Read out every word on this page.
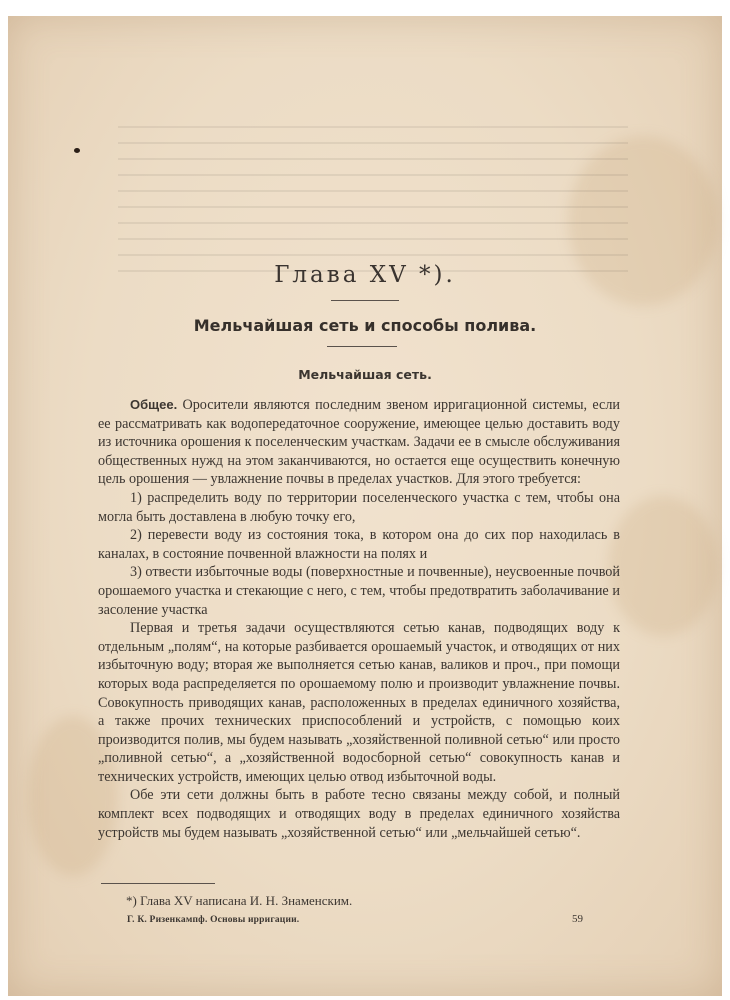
Глава XV *).
Мельчайшая сеть и способы полива.
Мельчайшая сеть.

Общее. Оросители являются последним звеном ирригационной системы, если ее рассматривать как водопередаточное сооружение, имеющее целью доставить воду из источника орошения к поселенческим участкам. Задачи ее в смысле обслуживания общественных нужд на этом заканчиваются, но остается еще осуществить конечную цель орошения — увлажнение почвы в пределах участков. Для этого требуется:

1) распределить воду по территории поселенческого участка с тем, чтобы она могла быть доставлена в любую точку его,

2) перевести воду из состояния тока, в котором она до сих пор находилась в каналах, в состояние почвенной влажности на полях и

3) отвести избыточные воды (поверхностные и почвенные), неусвоенные почвой орошаемого участка и стекающие с него, с тем, чтобы предотвратить заболачивание и засоление участка

Первая и третья задачи осуществляются сетью канав, подводящих воду к отдельным „полям“, на которые разбивается орошаемый участок, и отводящих от них избыточную воду; вторая же выполняется сетью канав, валиков и проч., при помощи которых вода распределяется по орошаемому полю и производит увлажнение почвы. Совокупность приводящих канав, расположенных в пределах единичного хозяйства, а также прочих технических приспособлений и устройств, с помощью коих производится полив, мы будем называть „хозяйственной поливной сетью“ или просто „поливной сетью“, а „хозяйственной водосборной сетью“ совокупность канав и технических устройств, имеющих целью отвод избыточной воды.

Обе эти сети должны быть в работе тесно связаны между собой, и полный комплект всех подводящих и отводящих воду в пределах единичного хозяйства устройств мы будем называть „хозяйственной сетью“ или „мельчайшей сетью“.

*) Глава XV написана И. Н. Знаменским.
Г. К. Ризенкампф. Основы ирригации.	59
